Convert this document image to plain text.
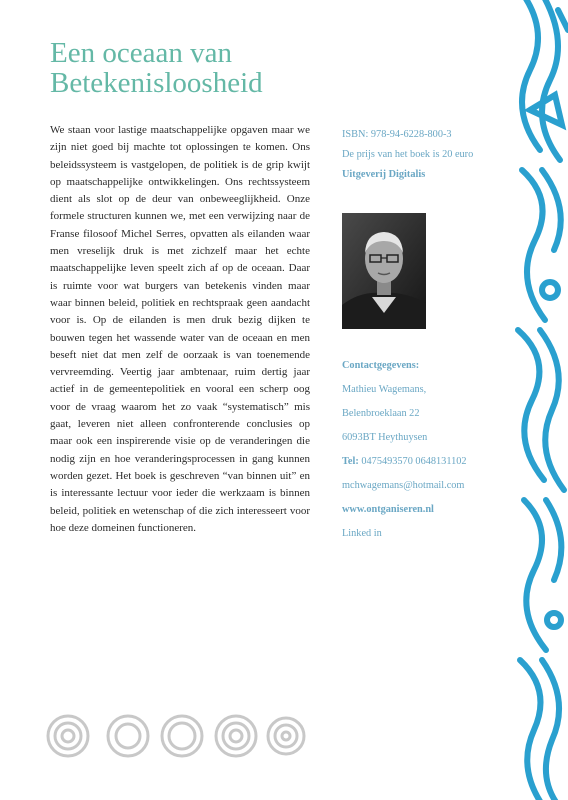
Een oceaan van
Betekenisloosheid

We staan voor lastige maatschappelijke opgaven maar we zijn niet goed bij machte tot oplossingen te komen. Ons beleidssysteem is vastgelopen, de politiek is de grip kwijt op maatschappelijke ontwikkelingen. Ons rechtssysteem dient als slot op de deur van onbeweeglijkheid. Onze formele structuren kunnen we, met een verwijzing naar de Franse filosoof Michel Serres, opvatten als eilanden waar men vreselijk druk is met zichzelf maar het echte maatschappelijke leven speelt zich af op de oceaan. Daar is ruimte voor wat burgers van betekenis vinden maar waar binnen beleid, politiek en rechtspraak geen aandacht voor is. Op de eilanden is men druk bezig dijken te bouwen tegen het wassende water van de oceaan en men beseft niet dat men zelf de oorzaak is van toenemende vervreemding. Veertig jaar ambtenaar, ruim dertig jaar actief in de gemeentepolitiek en vooral een scherp oog voor de vraag waarom het zo vaak “systematisch” mis gaat, leveren niet alleen confronterende conclusies op maar ook een inspirerende visie op de veranderingen die nodig zijn en hoe veranderingsprocessen in gang kunnen worden gezet. Het boek is geschreven “van binnen uit” en is interessante lectuur voor ieder die werkzaam is binnen beleid, politiek en wetenschap of die zich interesseert voor hoe deze domeinen functioneren.

ISBN: 978-94-6228-800-3
De prijs van het boek is 20 euro
Uitgeverij Digitalis
Contactgegevens:
Mathieu Wagemans,
Belenbroeklaan 22
6093BT Heythuysen
Tel: 0475493570 0648131102
mchwagemans@hotmail.com
www.ontganiseren.nl
Linked in
